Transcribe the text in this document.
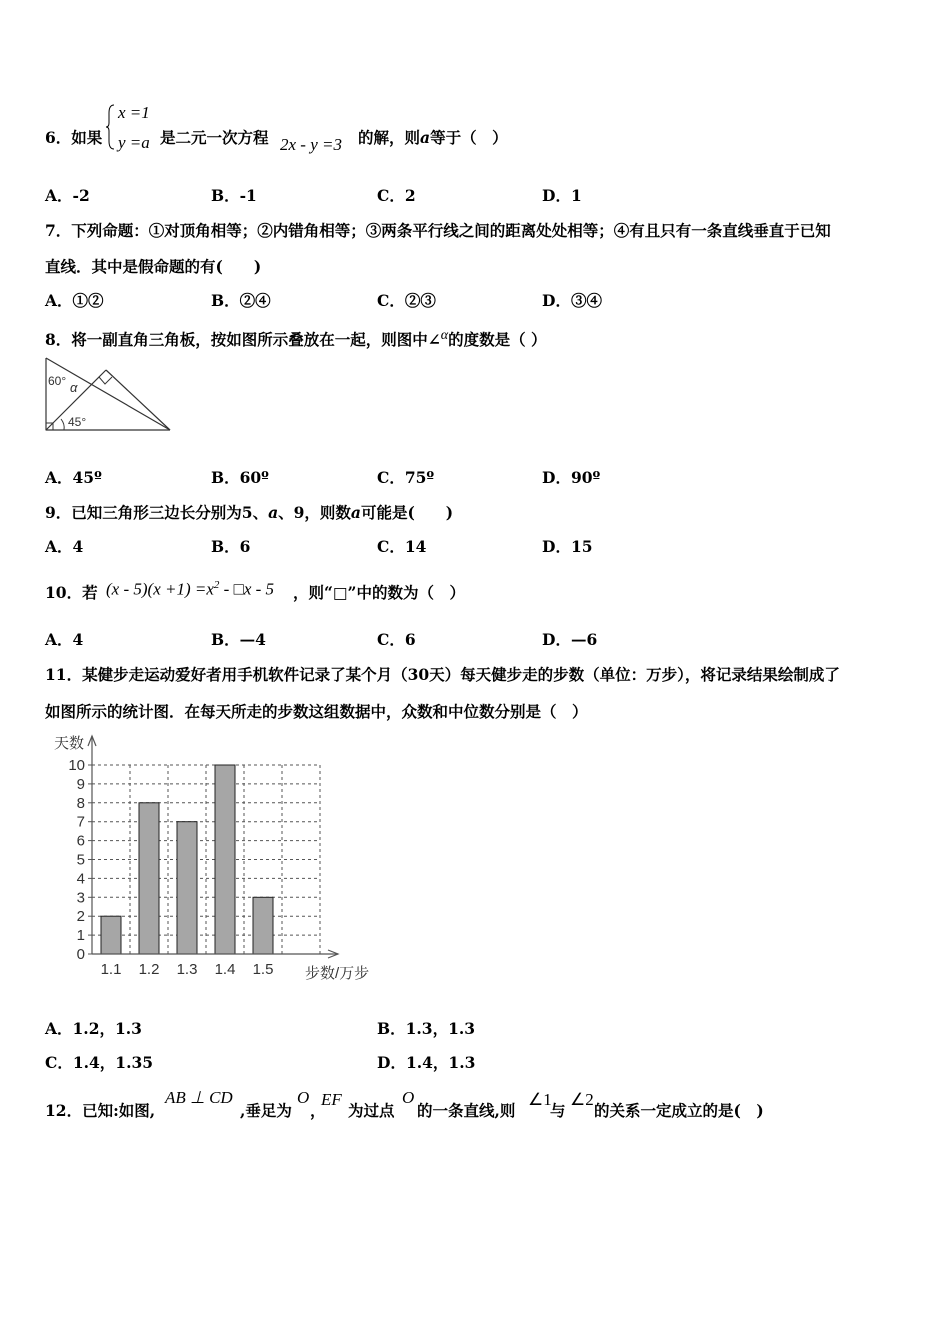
6．如果
x =1
y =a 是二元一次方程 2x - y =3 的解，则a等于（　）
A．-2	B．-1	C．2	D．1
7．下列命题：①对顶角相等；②内错角相等；③两条平行线之间的距离处处相等；④有且只有一条直线垂直于已知
直线．其中是假命题的有(　　)
A．①②	B．②④	C．②③	D．③④
8．将一副直角三角板，按如图所示叠放在一起，则图中∠α的度数是（ ）
60° α
45°
A．45º	B．60º	C．75º	D．90º
9．已知三角形三边长分别为5、a、9，则数a可能是(　　)
A．4	B．6	C．14	D．15
10．若 $(x - 5)(x +1) =x^2$ - □x - 5 ，则“□”中的数为（　）
A．4	B．—4	C．6	D．—6
11．某健步走运动爱好者用手机软件记录了某个月（30天）每天健步走的步数（单位：万步），将记录结果绘制成了
如图所示的统计图．在每天所走的步数这组数据中，众数和中位数分别是（　）
0
1
2
3
4
5
6
7
8
9
10
1.1 1.2 1.3 1.4 1.5
天数
步数/万步
A．1.2，1.3	B．1.3，1.3
C．1.4，1.35	D．1.4，1.3
12．已知:如图,
AB ⊥ CD
,垂足为
O
，
EF
为过点
O
的一条直线,则
∠1
与
∠2
的关系一定成立的是(　)
